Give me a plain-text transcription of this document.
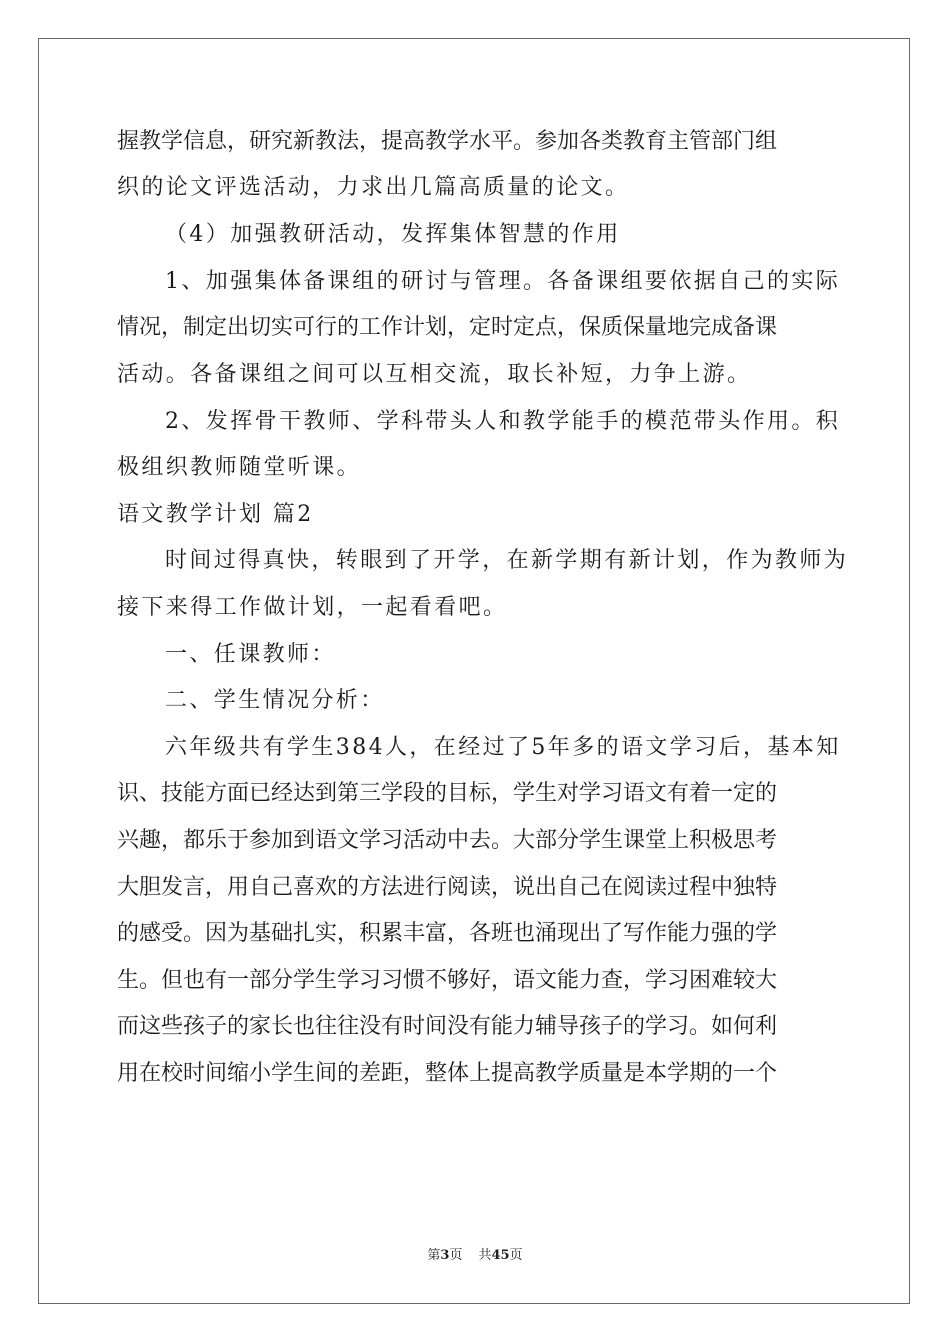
握教学信息，研究新教法，提高教学水平。参加各类教育主管部门组
织的论文评选活动，力求出几篇高质量的论文。
（4）加强教研活动，发挥集体智慧的作用
1、加强集体备课组的研讨与管理。各备课组要依据自己的实际
情况，制定出切实可行的工作计划，定时定点，保质保量地完成备课
活动。各备课组之间可以互相交流，取长补短，力争上游。
2、发挥骨干教师、学科带头人和教学能手的模范带头作用。积
极组织教师随堂听课。
语文教学计划 篇2
时间过得真快，转眼到了开学，在新学期有新计划，作为教师为
接下来得工作做计划，一起看看吧。
一、任课教师：
二、学生情况分析：
六年级共有学生384人，在经过了5年多的语文学习后，基本知
识、技能方面已经达到第三学段的目标，学生对学习语文有着一定的
兴趣，都乐于参加到语文学习活动中去。大部分学生课堂上积极思考
大胆发言，用自己喜欢的方法进行阅读，说出自己在阅读过程中独特
的感受。因为基础扎实，积累丰富，各班也涌现出了写作能力强的学
生。但也有一部分学生学习习惯不够好，语文能力查，学习困难较大
而这些孩子的家长也往往没有时间没有能力辅导孩子的学习。如何利
用在校时间缩小学生间的差距，整体上提高教学质量是本学期的一个
第3页 共45页
